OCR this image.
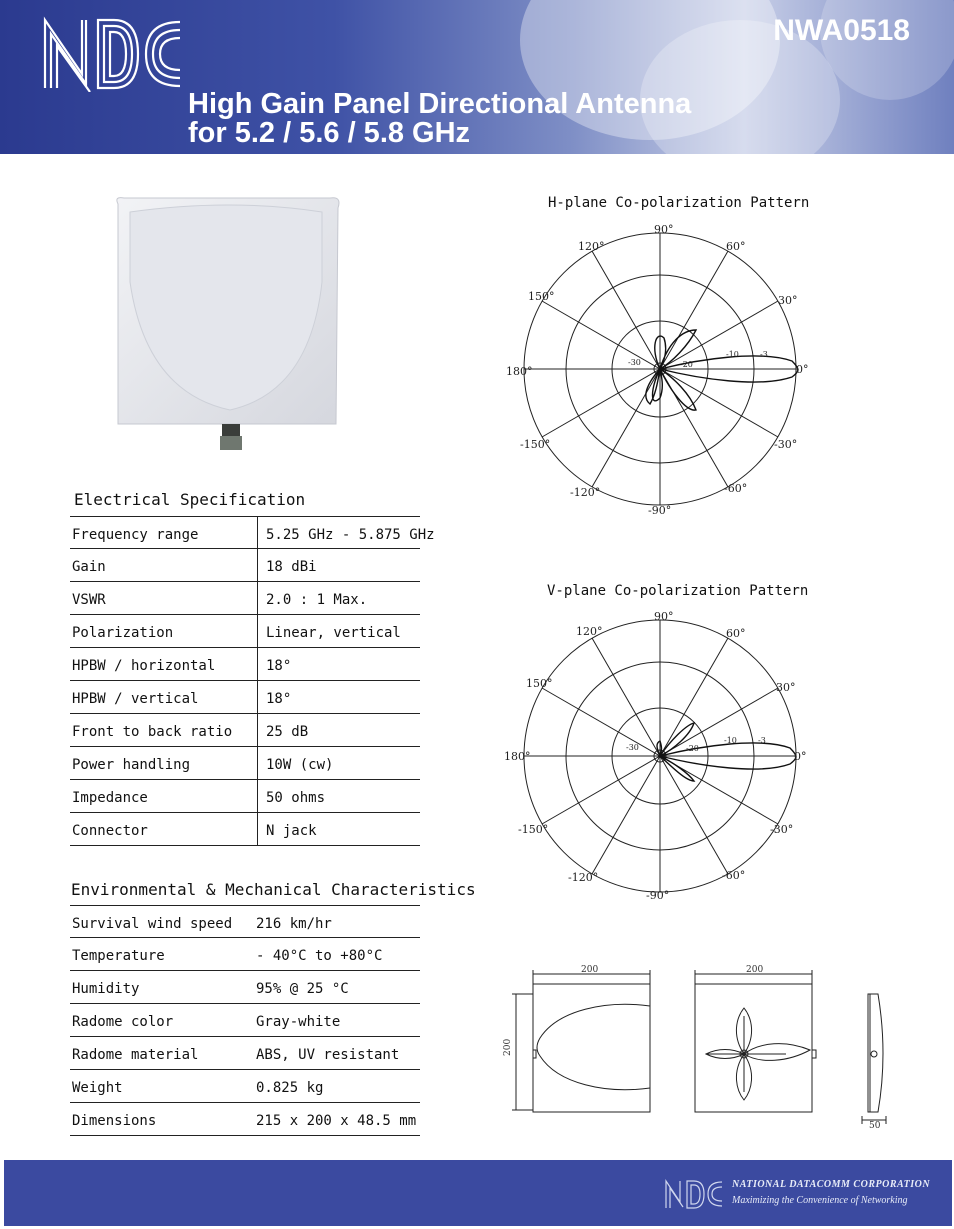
NWA0518
High Gain Panel Directional Antenna
for 5.2 / 5.6 / 5.8 GHz
Electrical Specification
Frequency range	5.25 GHz - 5.875 GHz
Gain	18 dBi
VSWR	2.0 : 1 Max.
Polarization	Linear, vertical
HPBW / horizontal	18°
HPBW / vertical	18°
Front to back ratio	25 dB
Power handling	10W (cw)
Impedance	50 ohms
Connector	N jack
Environmental & Mechanical Characteristics
Survival wind speed	216 km/hr
Temperature	- 40°C to +80°C
Humidity	95% @ 25 °C
Radome color	Gray-white
Radome material	ABS, UV resistant
Weight	0.825 kg
Dimensions	215 x 200 x 48.5 mm
H-plane Co-polarization Pattern
90°
60°
30°
0°
-30°
-60°
-90°
-120°
-150°
180°
150°
120°
-3
-10
-20
-30
V-plane Co-polarization Pattern
90°
60°
30°
0°
-30°
-60°
-90°
-120°
-150°
180°
150°
120°
-3
-10
-20
-30
200	200
200
50
NATIONAL DATACOMM CORPORATION
Maximizing the Convenience of Networking
